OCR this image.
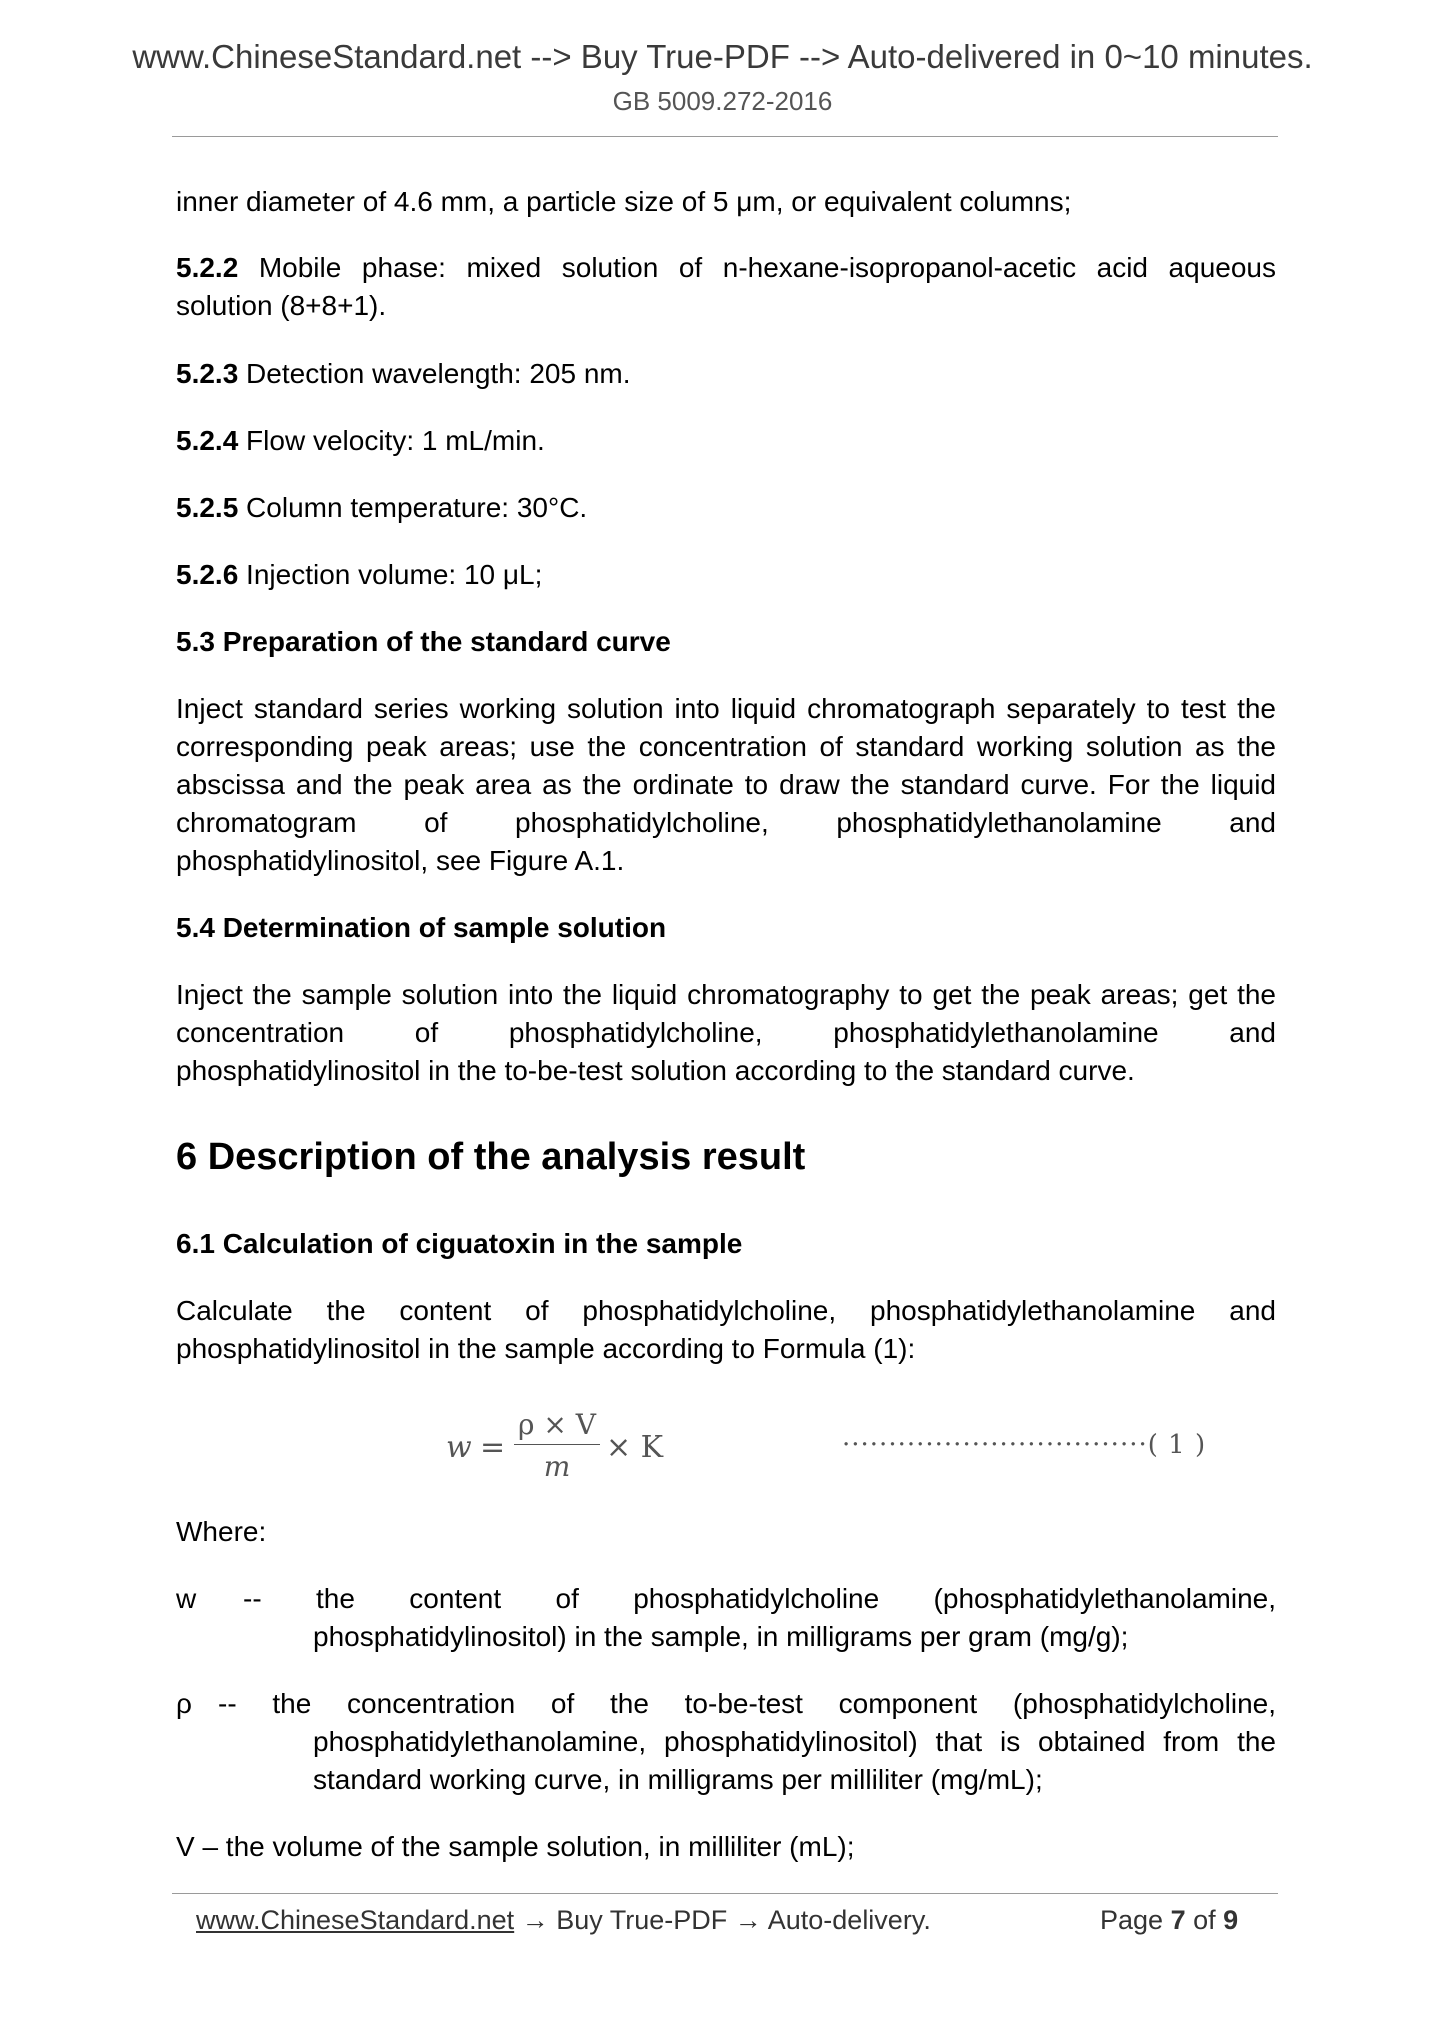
www.ChineseStandard.net --> Buy True-PDF --> Auto-delivered in 0~10 minutes.
GB 5009.272-2016

inner diameter of 4.6 mm, a particle size of 5 μm, or equivalent columns;

5.2.2 Mobile phase: mixed solution of n-hexane-isopropanol-acetic acid aqueous solution (8+8+1).

5.2.3 Detection wavelength: 205 nm.

5.2.4 Flow velocity: 1 mL/min.

5.2.5 Column temperature: 30°C.

5.2.6 Injection volume: 10 μL;

5.3 Preparation of the standard curve

Inject standard series working solution into liquid chromatograph separately to test the corresponding peak areas; use the concentration of standard working solution as the abscissa and the peak area as the ordinate to draw the standard curve. For the liquid chromatogram of phosphatidylcholine, phosphatidylethanolamine and phosphatidylinositol, see Figure A.1.

5.4 Determination of sample solution

Inject the sample solution into the liquid chromatography to get the peak areas; get the concentration of phosphatidylcholine, phosphatidylethanolamine and phosphatidylinositol in the to-be-test solution according to the standard curve.

6 Description of the analysis result

6.1 Calculation of ciguatoxin in the sample

Calculate the content of phosphatidylcholine, phosphatidylethanolamine and phosphatidylinositol in the sample according to Formula (1):

w =
ρ × V
m
× K	·································( 1 )

Where:

w -- the content of phosphatidylcholine (phosphatidylethanolamine,

phosphatidylinositol) in the sample, in milligrams per gram (mg/g);

ρ -- the concentration of the to-be-test component (phosphatidylcholine,

phosphatidylethanolamine, phosphatidylinositol) that is obtained from the standard working curve, in milligrams per milliliter (mg/mL);

V – the volume of the sample solution, in milliliter (mL);

www.ChineseStandard.net → Buy True-PDF → Auto-delivery.	Page 7 of 9
